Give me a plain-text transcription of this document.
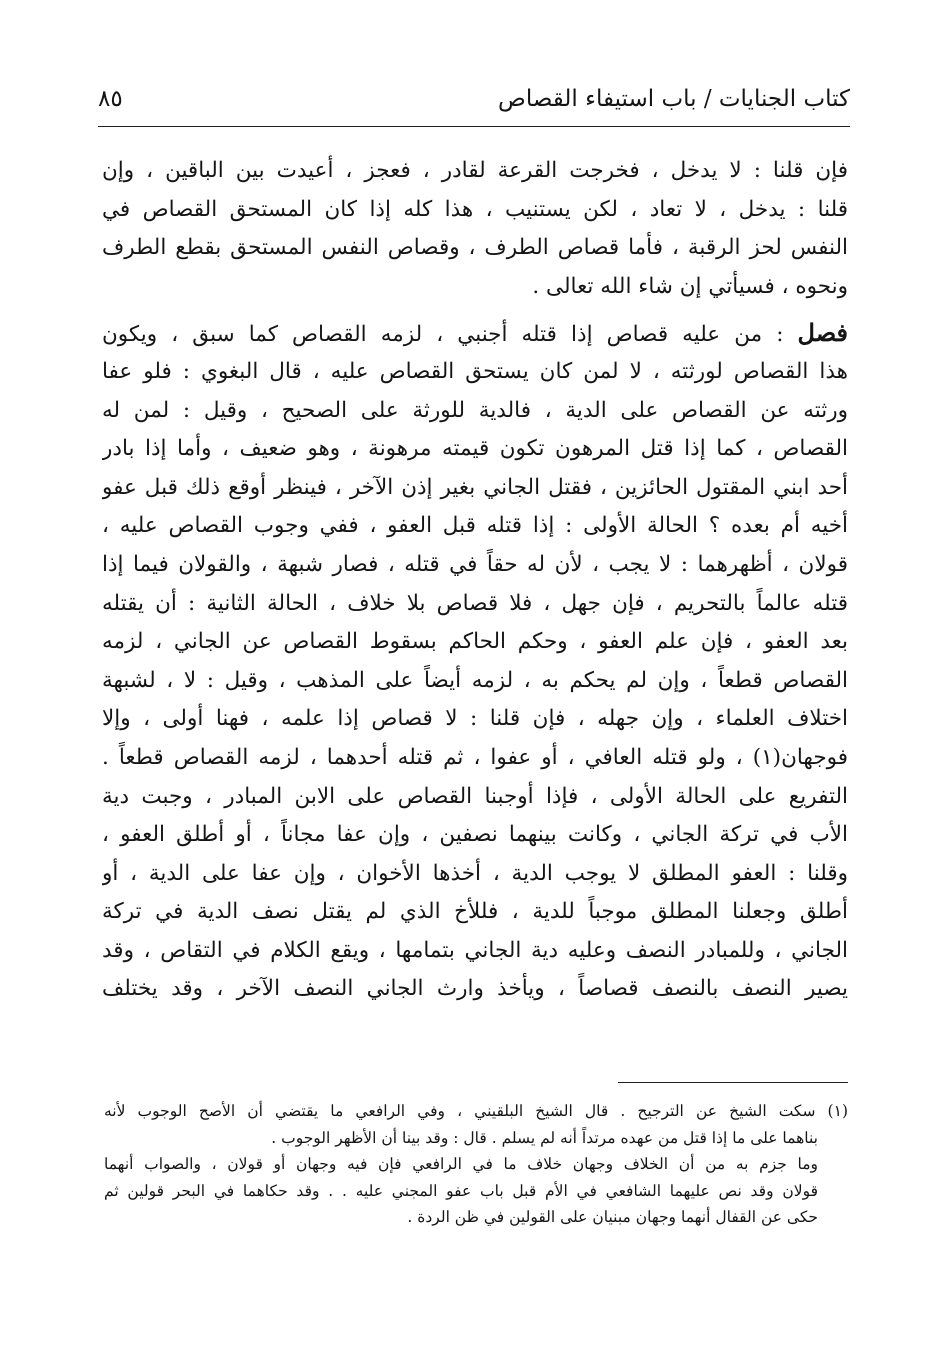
كتاب الجنايات / باب استيفاء القصاص
٨٥
فإن قلنا : لا يدخل ، فخرجت القرعة لقادر ، فعجز ، أعيدت بين الباقين ، وإن
قلنا : يدخل ، لا تعاد ، لكن يستنيب ، هذا كله إذا كان المستحق القصاص في
النفس لحز الرقبة ، فأما قصاص الطرف ، وقصاص النفس المستحق بقطع الطرف
ونحوه ، فسيأتي إن شاء الله تعالى .
فصل : من عليه قصاص إذا قتله أجنبي ، لزمه القصاص كما سبق ، ويكون
هذا القصاص لورثته ، لا لمن كان يستحق القصاص عليه ، قال البغوي : فلو عفا
ورثته عن القصاص على الدية ، فالدية للورثة على الصحيح ، وقيل : لمن له
القصاص ، كما إذا قتل المرهون تكون قيمته مرهونة ، وهو ضعيف ، وأما إذا بادر
أحد ابني المقتول الحائزين ، فقتل الجاني بغير إذن الآخر ، فينظر أوقع ذلك قبل عفو
أخيه أم بعده ؟ الحالة الأولى : إذا قتله قبل العفو ، ففي وجوب القصاص عليه ،
قولان ، أظهرهما : لا يجب ، لأن له حقاً في قتله ، فصار شبهة ، والقولان فيما إذا
قتله عالماً بالتحريم ، فإن جهل ، فلا قصاص بلا خلاف ، الحالة الثانية : أن يقتله
بعد العفو ، فإن علم العفو ، وحكم الحاكم بسقوط القصاص عن الجاني ، لزمه
القصاص قطعاً ، وإن لم يحكم به ، لزمه أيضاً على المذهب ، وقيل : لا ، لشبهة
اختلاف العلماء ، وإن جهله ، فإن قلنا : لا قصاص إذا علمه ، فهنا أولى ، وإلا
فوجهان(١) ، ولو قتله العافي ، أو عفوا ، ثم قتله أحدهما ، لزمه القصاص قطعاً .
التفريع على الحالة الأولى ، فإذا أوجبنا القصاص على الابن المبادر ، وجبت دية
الأب في تركة الجاني ، وكانت بينهما نصفين ، وإن عفا مجاناً ، أو أطلق العفو ،
وقلنا : العفو المطلق لا يوجب الدية ، أخذها الأخوان ، وإن عفا على الدية ، أو
أطلق وجعلنا المطلق موجباً للدية ، فللأخ الذي لم يقتل نصف الدية في تركة
الجاني ، وللمبادر النصف وعليه دية الجاني بتمامها ، ويقع الكلام في التقاص ، وقد
يصير النصف بالنصف قصاصاً ، ويأخذ وارث الجاني النصف الآخر ، وقد يختلف
(١) سكت الشيخ عن الترجيح . قال الشيخ البلقيني ، وفي الرافعي ما يقتضي أن الأصح الوجوب لأنه
بناهما على ما إذا قتل من عهده مرتداً أنه لم يسلم . قال : وقد بينا أن الأظهر الوجوب .
وما جزم به من أن الخلاف وجهان خلاف ما في الرافعي فإن فيه وجهان أو قولان ، والصواب أنهما
قولان وقد نص عليهما الشافعي في الأم قبل باب عفو المجني عليه . . وقد حكاهما في البحر قولين ثم
حكى عن القفال أنهما وجهان مبنيان على القولين في ظن الردة .
